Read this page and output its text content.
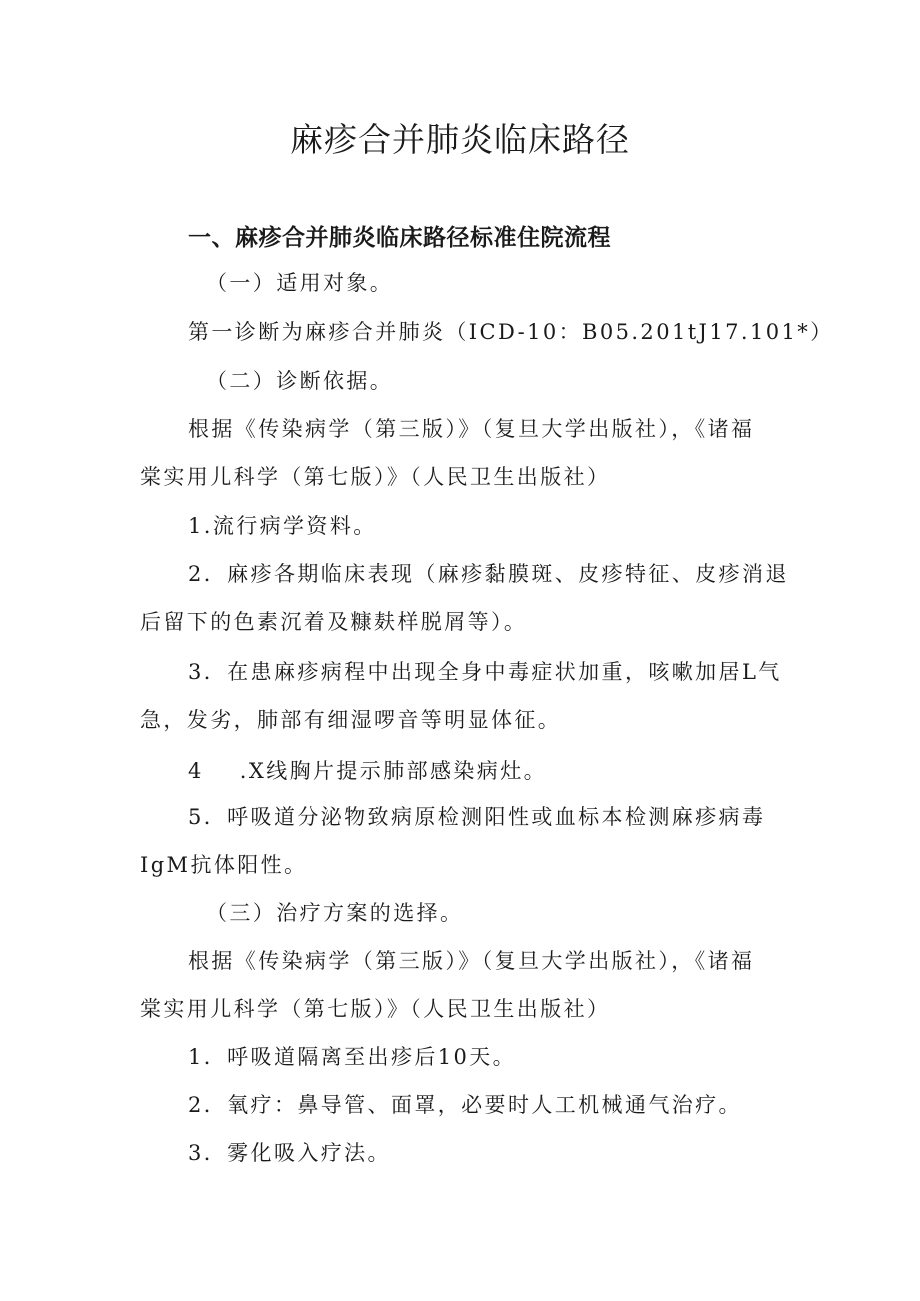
麻疹合并肺炎临床路径
一、麻疹合并肺炎临床路径标准住院流程

（一）适用对象。

第一诊断为麻疹合并肺炎（ICD-10：B05.201tJ17.101*）

（二）诊断依据。

根据《传染病学（第三版）》（复旦大学出版社），《诸福

棠实用儿科学（第七版）》（人民卫生出版社）

1.流行病学资料。

2．麻疹各期临床表现（麻疹黏膜斑、皮疹特征、皮疹消退

后留下的色素沉着及糠麸样脱屑等）。

3．在患麻疹病程中出现全身中毒症状加重，咳嗽加居L气

急，发劣，肺部有细湿啰音等明显体征。

4 .X线胸片提示肺部感染病灶。

5．呼吸道分泌物致病原检测阳性或血标本检测麻疹病毒

IgM抗体阳性。

（三）治疗方案的选择。

根据《传染病学（第三版）》（复旦大学出版社），《诸福

棠实用儿科学（第七版）》（人民卫生出版社）

1．呼吸道隔离至出疹后10天。

2．氧疗：鼻导管、面罩，必要时人工机械通气治疗。

3．雾化吸入疗法。
